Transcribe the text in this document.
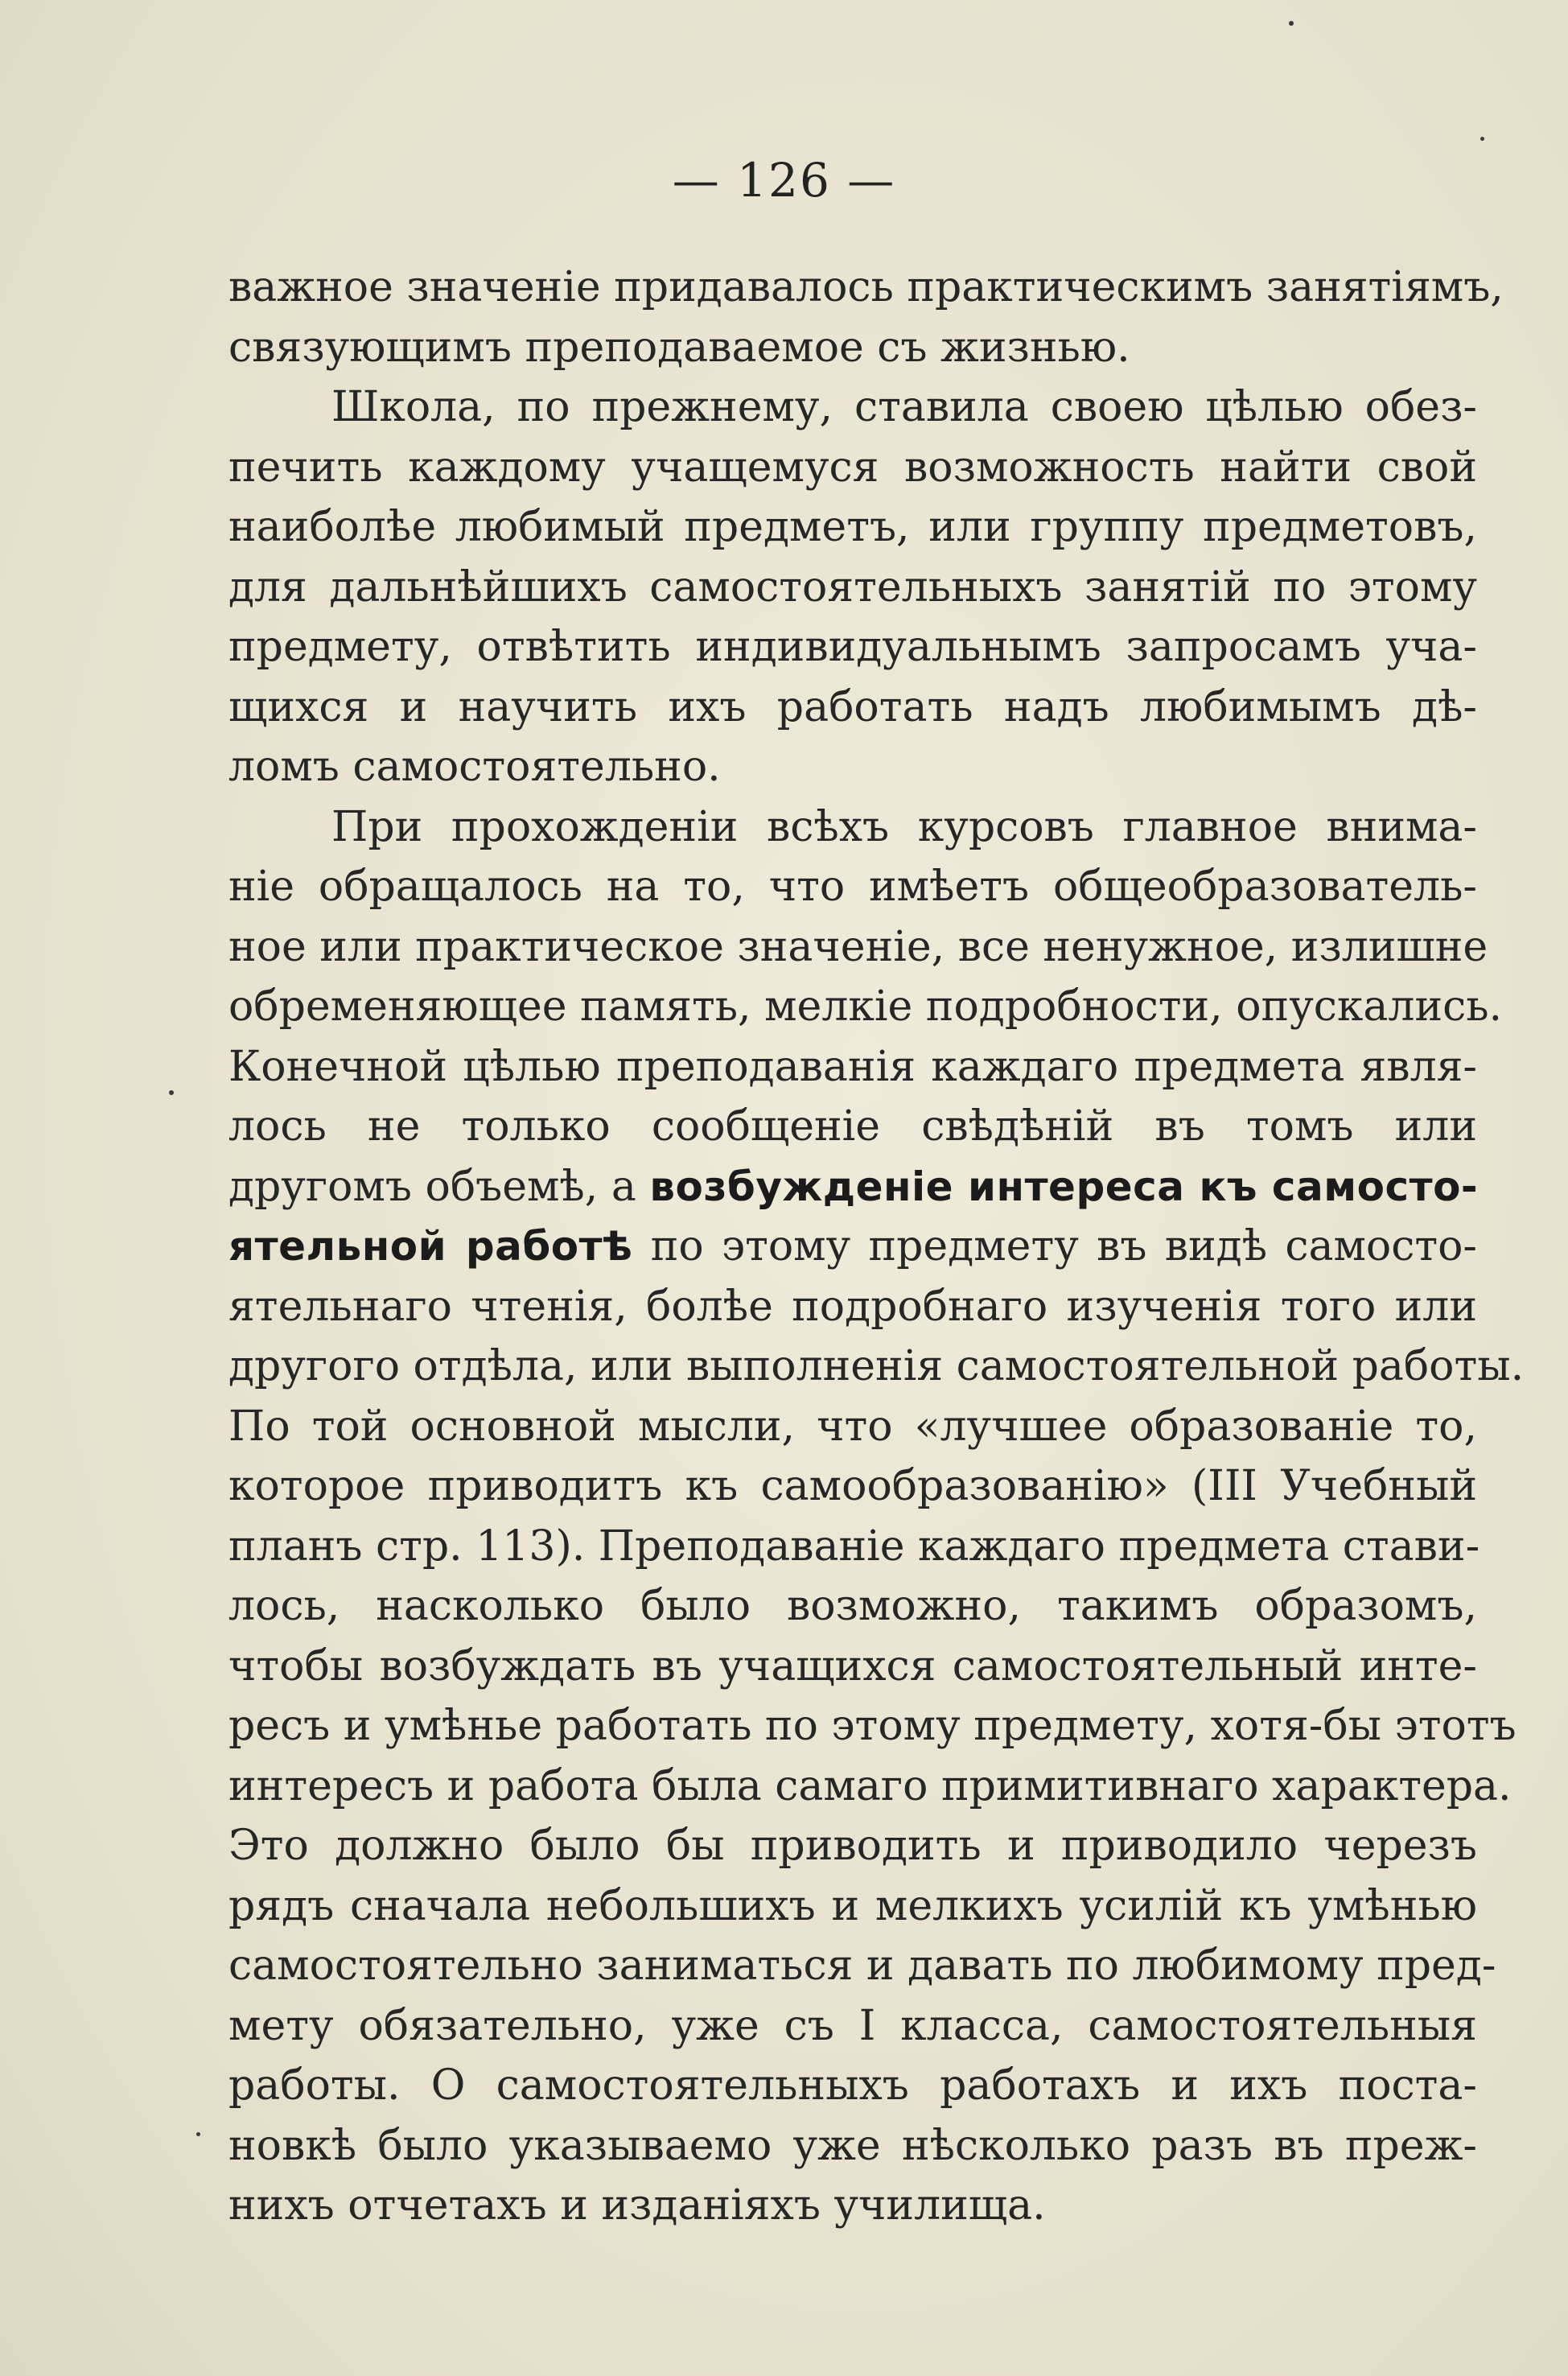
— 126 —
важное значеніе придавалось практическимъ занятіямъ,
связующимъ преподаваемое съ жизнью.
Школа, по прежнему, ставила своею цѣлью обез-
печить каждому учащемуся возможность найти свой
наиболѣе любимый предметъ, или группу предметовъ,
для дальнѣйшихъ самостоятельныхъ занятій по этому
предмету, отвѣтить индивидуальнымъ запросамъ уча-
щихся и научить ихъ работать надъ любимымъ дѣ-
ломъ самостоятельно.
При прохожденіи всѣхъ курсовъ главное внима-
ніе обращалось на то, что имѣетъ общеобразователь-
ное или практическое значеніе, все ненужное, излишне
обременяющее память, мелкіе подробности, опускались.
Конечной цѣлью преподаванія каждаго предмета явля-
лось не только сообщеніе свѣдѣній въ томъ или
другомъ объемѣ, а возбужденіе интереса къ самосто-
ятельной работѣ по этому предмету въ видѣ самосто-
ятельнаго чтенія, болѣе подробнаго изученія того или
другого отдѣла, или выполненія самостоятельной работы.
По той основной мысли, что «лучшее образованіе то,
которое приводитъ къ самообразованію» (III Учебный
планъ стр. 113). Преподаваніе каждаго предмета стави-
лось, насколько было возможно, такимъ образомъ,
чтобы возбуждать въ учащихся самостоятельный инте-
ресъ и умѣнье работать по этому предмету, хотя-бы этотъ
интересъ и работа была самаго примитивнаго характера.
Это должно было бы приводить и приводило черезъ
рядъ сначала небольшихъ и мелкихъ усилій къ умѣнью
самостоятельно заниматься и давать по любимому пред-
мету обязательно, уже съ I класса, самостоятельныя
работы. О самостоятельныхъ работахъ и ихъ поста-
новкѣ было указываемо уже нѣсколько разъ въ преж-
нихъ отчетахъ и изданіяхъ училища.
